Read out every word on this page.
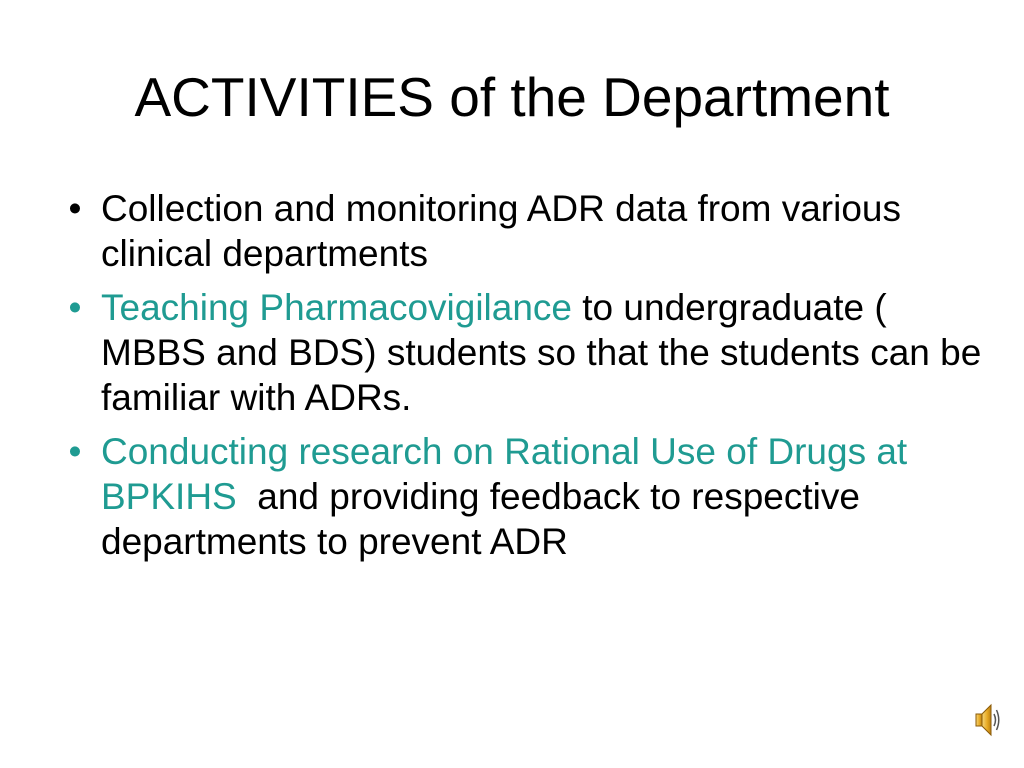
ACTIVITIES of the Department
• Collection and monitoring ADR data from various clinical departments
• Teaching Pharmacovigilance to undergraduate ( MBBS and BDS) students so that the students can be familiar with ADRs.
• Conducting research on Rational Use of Drugs at BPKIHS  and providing feedback to respective departments to prevent ADR
